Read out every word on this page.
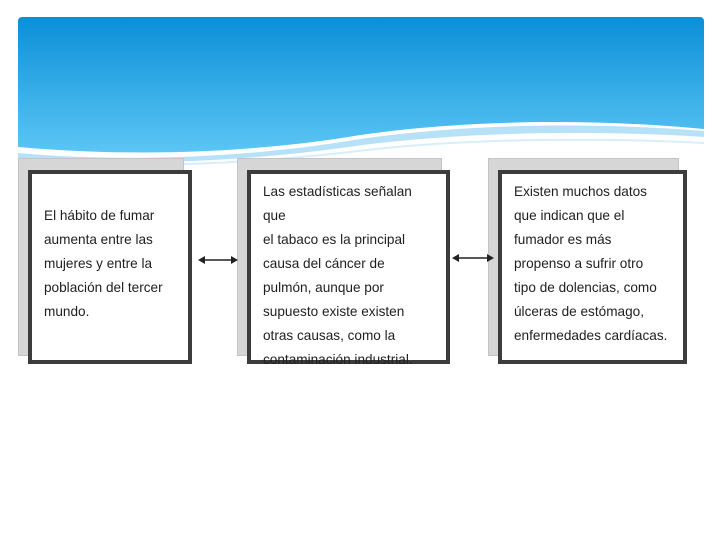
El hábito de fumar
aumenta entre las
mujeres y entre la
población del tercer
mundo.
Las estadísticas señalan que
el tabaco es la principal
causa del cáncer de
pulmón, aunque por
supuesto existe existen
otras causas, como la
contaminación industrial.
Existen muchos datos
que indican que el
fumador es más
propenso a sufrir otro
tipo de dolencias, como
úlceras de estómago,
enfermedades cardíacas.
